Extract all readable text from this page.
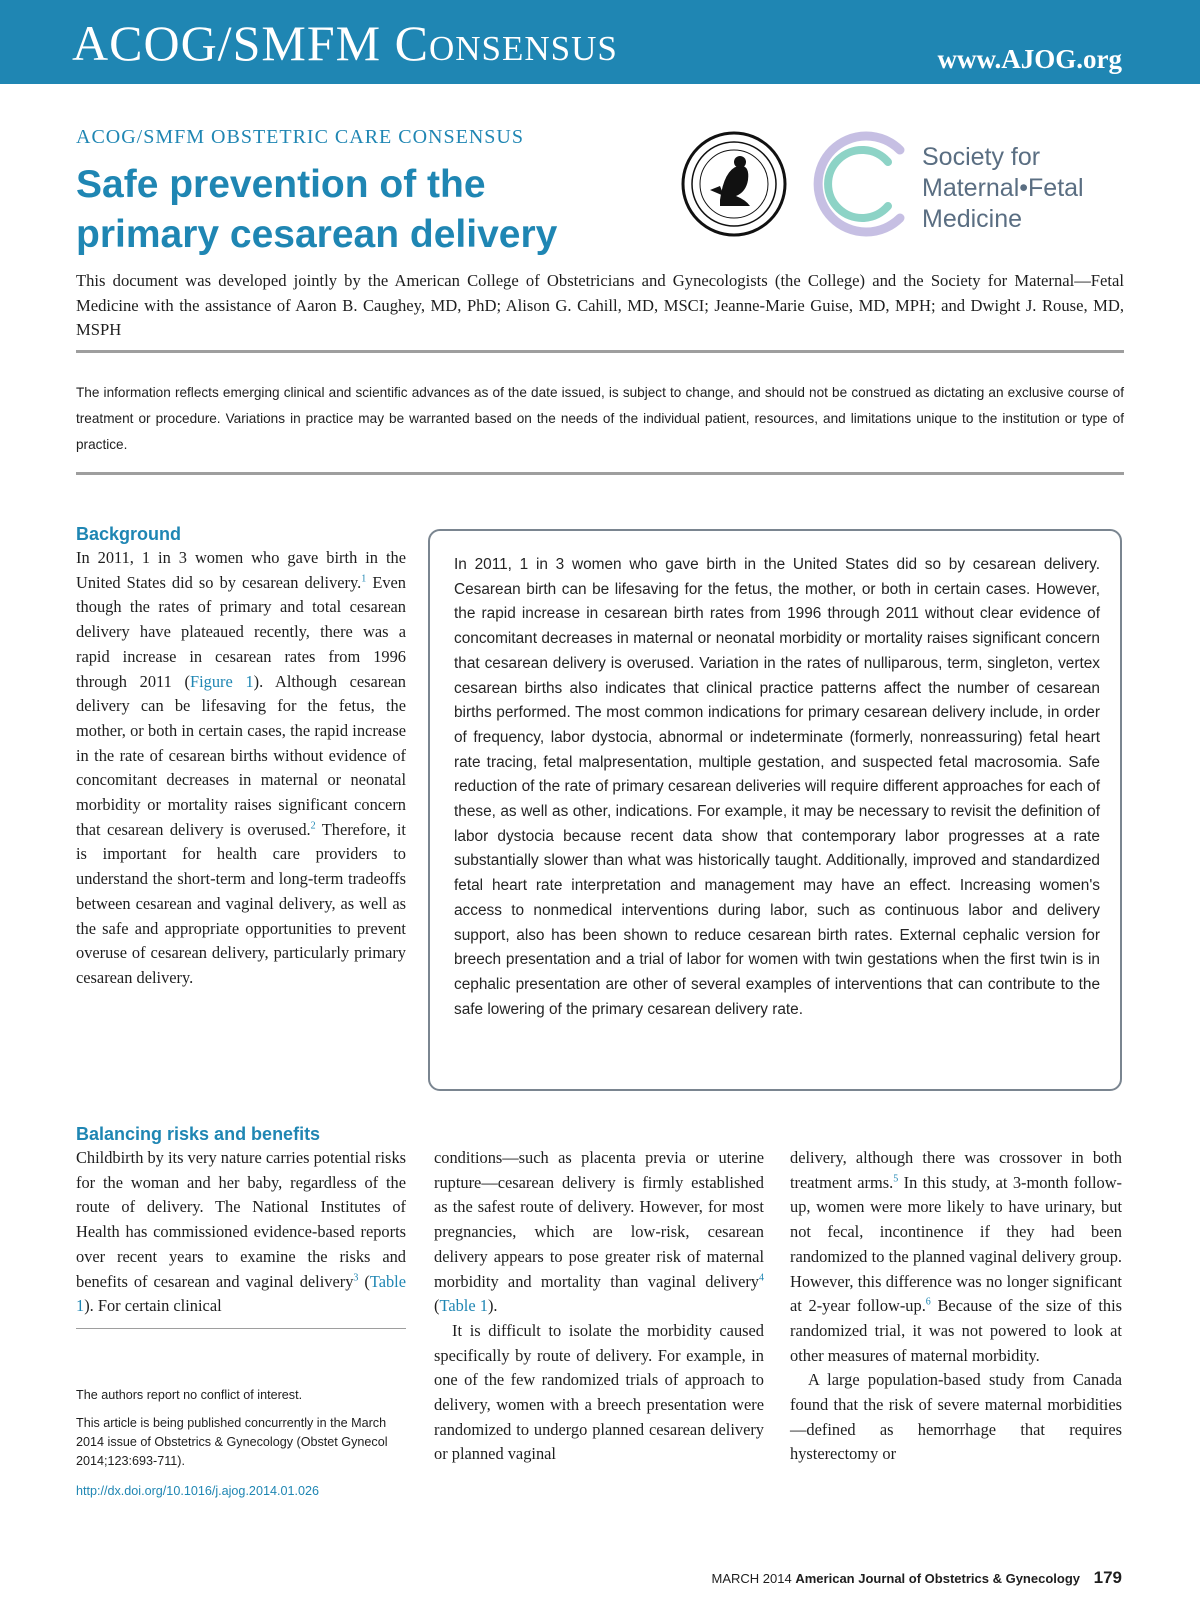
ACOG/SMFM Consensus	www.AJOG.org
ACOG/SMFM OBSTETRIC CARE CONSENSUS
Safe prevention of the primary cesarean delivery
Society for
Maternal•Fetal
Medicine
This document was developed jointly by the American College of Obstetricians and Gynecologists (the College) and the Society for Maternal—Fetal Medicine with the assistance of Aaron B. Caughey, MD, PhD; Alison G. Cahill, MD, MSCI; Jeanne-Marie Guise, MD, MPH; and Dwight J. Rouse, MD, MSPH
The information reflects emerging clinical and scientific advances as of the date issued, is subject to change, and should not be construed as dictating an exclusive course of treatment or procedure. Variations in practice may be warranted based on the needs of the individual patient, resources, and limitations unique to the institution or type of practice.
Background

In 2011, 1 in 3 women who gave birth in the United States did so by cesarean delivery.$^1$ Even though the rates of primary and total cesarean delivery have plateaued recently, there was a rapid increase in cesarean rates from 1996 through 2011 (Figure 1). Although cesarean delivery can be lifesaving for the fetus, the mother, or both in certain cases, the rapid increase in the rate of cesarean births without evidence of concomitant decreases in maternal or neonatal morbidity or mortality raises significant concern that cesarean delivery is overused.$^2$ Therefore, it is important for health care providers to understand the short-term and long-term tradeoffs between cesarean and vaginal delivery, as well as the safe and appropriate opportunities to prevent overuse of cesarean delivery, particularly primary cesarean delivery.

In 2011, 1 in 3 women who gave birth in the United States did so by cesarean delivery. Cesarean birth can be lifesaving for the fetus, the mother, or both in certain cases. However, the rapid increase in cesarean birth rates from 1996 through 2011 without clear evidence of concomitant decreases in maternal or neonatal morbidity or mortality raises significant concern that cesarean delivery is overused. Variation in the rates of nulliparous, term, singleton, vertex cesarean births also indicates that clinical practice patterns affect the number of cesarean births performed. The most common indications for primary cesarean delivery include, in order of frequency, labor dystocia, abnormal or indeterminate (formerly, nonreassuring) fetal heart rate tracing, fetal malpresentation, multiple gestation, and suspected fetal macrosomia. Safe reduction of the rate of primary cesarean deliveries will require different approaches for each of these, as well as other, indications. For example, it may be necessary to revisit the definition of labor dystocia because recent data show that contemporary labor progresses at a rate substantially slower than what was historically taught. Additionally, improved and standardized fetal heart rate interpretation and management may have an effect. Increasing women's access to nonmedical interventions during labor, such as continuous labor and delivery support, also has been shown to reduce cesarean birth rates. External cephalic version for breech presentation and a trial of labor for women with twin gestations when the first twin is in cephalic presentation are other of several examples of interventions that can contribute to the safe lowering of the primary cesarean delivery rate.
Balancing risks and benefits

Childbirth by its very nature carries potential risks for the woman and her baby, regardless of the route of delivery. The National Institutes of Health has commissioned evidence-based reports over recent years to examine the risks and benefits of cesarean and vaginal delivery$^3$ (Table 1). For certain clinical

conditions—such as placenta previa or uterine rupture—cesarean delivery is firmly established as the safest route of delivery. However, for most pregnancies, which are low-risk, cesarean delivery appears to pose greater risk of maternal morbidity and mortality than vaginal delivery$^4$ (Table 1).

It is difficult to isolate the morbidity caused specifically by route of delivery. For example, in one of the few randomized trials of approach to delivery, women with a breech presentation were randomized to undergo planned cesarean delivery or planned vaginal

delivery, although there was crossover in both treatment arms.$^5$ In this study, at 3-month follow-up, women were more likely to have urinary, but not fecal, incontinence if they had been randomized to the planned vaginal delivery group. However, this difference was no longer significant at 2-year follow-up.$^6$ Because of the size of this randomized trial, it was not powered to look at other measures of maternal morbidity.

A large population-based study from Canada found that the risk of severe maternal morbidities—defined as hemorrhage that requires hysterectomy or

The authors report no conflict of interest.
This article is being published concurrently in the March 2014 issue of Obstetrics & Gynecology (Obstet Gynecol 2014;123:693-711).
http://dx.doi.org/10.1016/j.ajog.2014.01.026
MARCH 2014 American Journal of Obstetrics & Gynecology 179
